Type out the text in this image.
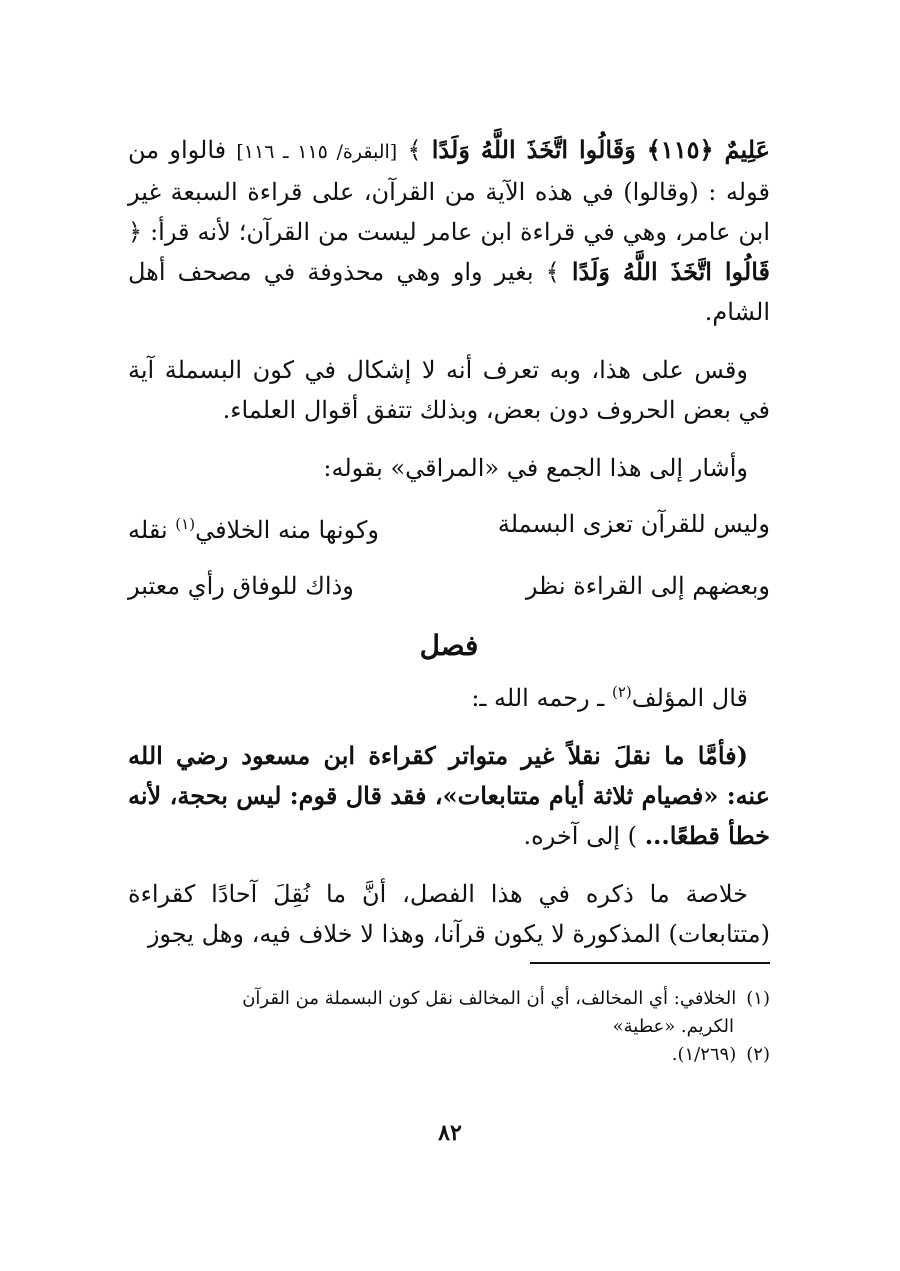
عَلِيمٌ ﴿١١٥﴾ وَقَالُوا اتَّخَذَ اللَّهُ وَلَدًا ﴾ [البقرة/ ١١٥ ـ ١١٦] فالواو من قوله : (وقالوا) في هذه الآية من القرآن، على قراءة السبعة غير ابن عامر، وهي في قراءة ابن عامر ليست من القرآن؛ لأنه قرأ: ﴿ قَالُوا اتَّخَذَ اللَّهُ وَلَدًا ﴾ بغير واو وهي محذوفة في مصحف أهل الشام.

وقس على هذا، وبه تعرف أنه لا إشكال في كون البسملة آية في بعض الحروف دون بعض، وبذلك تتفق أقوال العلماء.

وأشار إلى هذا الجمع في «المراقي» بقوله:

وليس للقرآن تعزى البسملة
وكونها منه الخلافي(١) نقله
وبعضهم إلى القراءة نظر
وذاك للوفاق رأي معتبر
فصل

قال المؤلف$^{(٢)}$ ـ رحمه الله ـ:

(فأمَّا ما نقلَ نقلاً غير متواتر كقراءة ابن مسعود رضي الله عنه: «فصيام ثلاثة أيام متتابعات»، فقد قال قوم: ليس بحجة، لأنه خطأ قطعًا... ) إلى آخره.

خلاصة ما ذكره في هذا الفصل، أنَّ ما نُقِلَ آحادًا كقراءة (متتابعات) المذكورة لا يكون قرآنا، وهذا لا خلاف فيه، وهل يجوز

(١)الخلافي: أي المخالف، أي أن المخالف نقل كون البسملة من القرآن

الكريم. «عطية»

(٢)(١/٢٦٩).

٨٢
